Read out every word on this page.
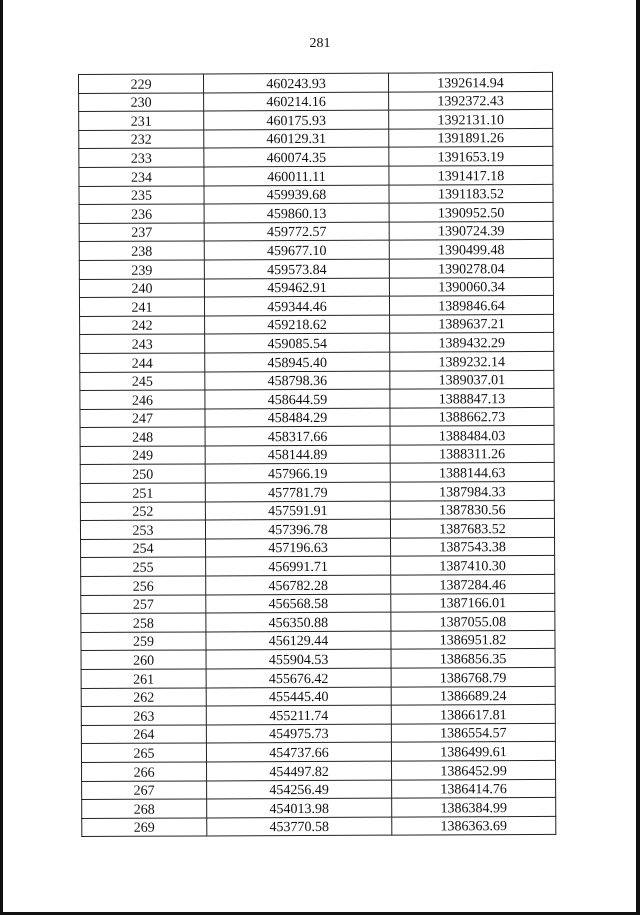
281
229	460243.93	1392614.94
230	460214.16	1392372.43
231	460175.93	1392131.10
232	460129.31	1391891.26
233	460074.35	1391653.19
234	460011.11	1391417.18
235	459939.68	1391183.52
236	459860.13	1390952.50
237	459772.57	1390724.39
238	459677.10	1390499.48
239	459573.84	1390278.04
240	459462.91	1390060.34
241	459344.46	1389846.64
242	459218.62	1389637.21
243	459085.54	1389432.29
244	458945.40	1389232.14
245	458798.36	1389037.01
246	458644.59	1388847.13
247	458484.29	1388662.73
248	458317.66	1388484.03
249	458144.89	1388311.26
250	457966.19	1388144.63
251	457781.79	1387984.33
252	457591.91	1387830.56
253	457396.78	1387683.52
254	457196.63	1387543.38
255	456991.71	1387410.30
256	456782.28	1387284.46
257	456568.58	1387166.01
258	456350.88	1387055.08
259	456129.44	1386951.82
260	455904.53	1386856.35
261	455676.42	1386768.79
262	455445.40	1386689.24
263	455211.74	1386617.81
264	454975.73	1386554.57
265	454737.66	1386499.61
266	454497.82	1386452.99
267	454256.49	1386414.76
268	454013.98	1386384.99
269	453770.58	1386363.69
